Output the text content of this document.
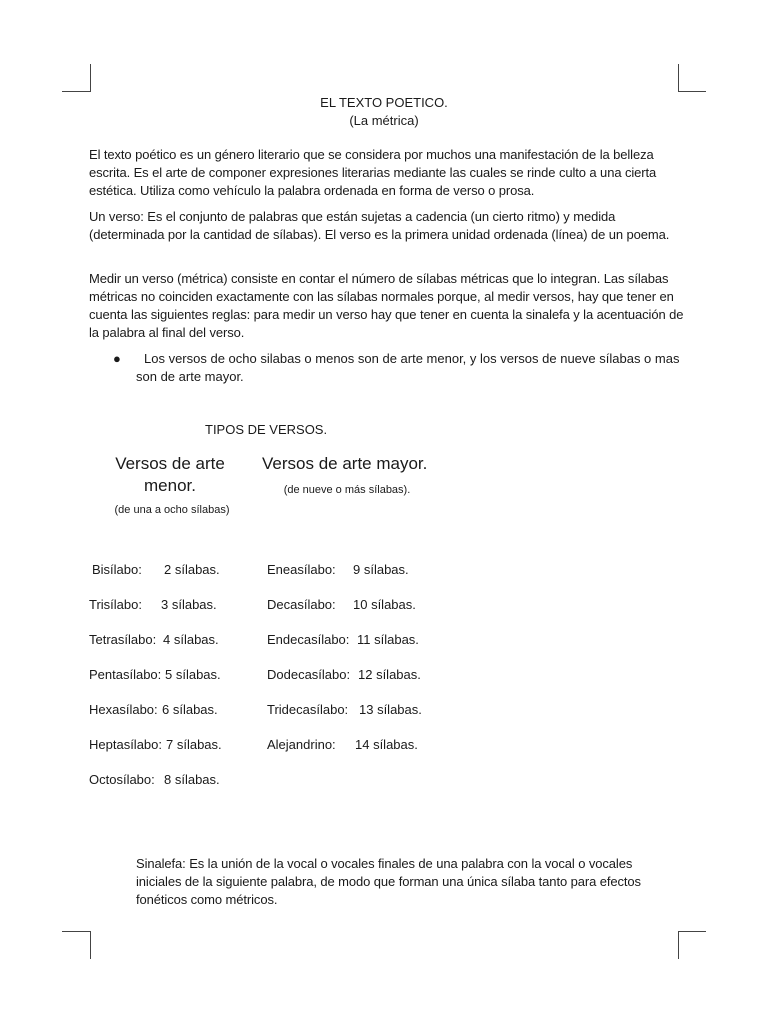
EL TEXTO POETICO.
(La métrica)

El texto poético es un género literario que se considera por muchos una manifestación de la belleza escrita. Es el arte de componer expresiones literarias mediante las cuales se rinde culto a una cierta estética. Utiliza como vehículo la palabra ordenada en forma de verso o prosa.

Un verso: Es el conjunto de palabras que están sujetas a cadencia (un cierto ritmo) y medida (determinada por la cantidad de sílabas). El verso es la primera unidad ordenada (línea) de un poema.

Medir un verso (métrica) consiste en contar el número de sílabas métricas que lo integran. Las sílabas métricas no coinciden exactamente con las sílabas normales porque, al medir versos, hay que tener en cuenta las siguientes reglas: para medir un verso hay que tener en cuenta la sinalefa y la acentuación de la palabra al final del verso.

●	Los versos de ocho silabas o menos son de arte menor, y los versos de nueve sílabas o mas son de arte mayor.
TIPOS DE VERSOS.
Versos de arte menor.
(de una a ocho sílabas)
Versos de arte mayor.
(de nueve o más sílabas).
Bisílabo: 2 sílabas.
Trisílabo: 3 sílabas.
Tetrasílabo: 4 sílabas.
Pentasílabo: 5 sílabas.
Hexasílabo: 6 sílabas.
Heptasílabo: 7 sílabas.
Octosílabo: 8 sílabas.
Eneasílabo: 9 sílabas.
Decasílabo: 10 sílabas.
Endecasílabo: 11 sílabas.
Dodecasílabo: 12 sílabas.
Tridecasílabo: 13 sílabas.
Alejandrino: 14 sílabas.

Sinalefa: Es la unión de la vocal o vocales finales de una palabra con la vocal o vocales iniciales de la siguiente palabra, de modo que forman una única sílaba tanto para efectos fonéticos como métricos.
